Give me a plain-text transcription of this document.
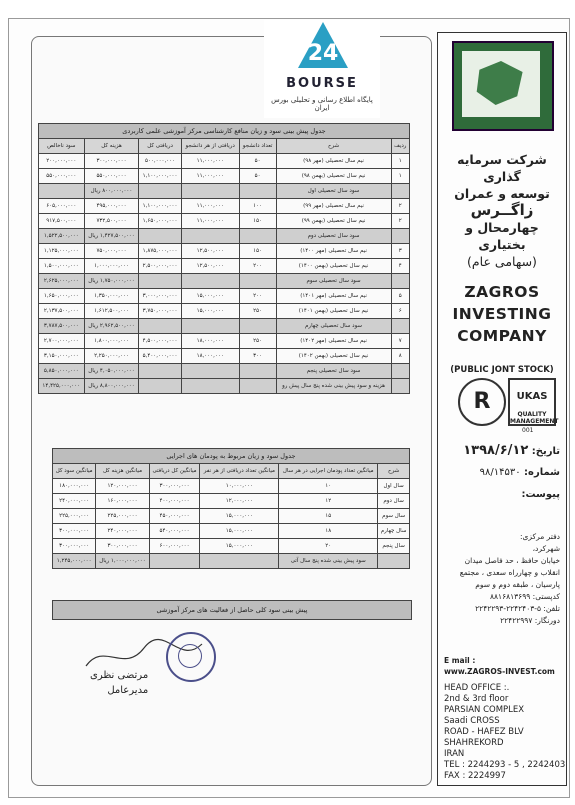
24
BOURSE
پایگاه اطلاع رسانی و تحلیلی بورس ایران
جدول پیش بینی سود و زیان منافع کارشناسی مرکز آموزشی علمی کاربردی						
ردیف	شرح	تعداد دانشجو	دریافتی از هر دانشجو	دریافتی کل	هزینه کل	سود ناخالص
۱	نیم سال تحصیلی (مهر ۹۸)	۵۰	۱۱,۰۰۰,۰۰۰	۵۰۰,۰۰۰,۰۰۰	۳۰۰,۰۰۰,۰۰۰	۲۰۰,۰۰۰,۰۰۰
۱	نیم سال تحصیلی (بهمن ۹۸)	۵۰	۱۱,۰۰۰,۰۰۰	۱,۱۰۰,۰۰۰,۰۰۰	۵۵۰,۰۰۰,۰۰۰	۵۵۰,۰۰۰,۰۰۰
	سود سال تحصیلی اول				۸۰۰,۰۰۰,۰۰۰ ریال	
۲	نیم سال تحصیلی (مهر ۹۹)	۱۰۰	۱۱,۰۰۰,۰۰۰	۱,۱۰۰,۰۰۰,۰۰۰	۴۹۵,۰۰۰,۰۰۰	۶۰۵,۰۰۰,۰۰۰
۲	نیم سال تحصیلی (بهمن ۹۹)	۱۵۰	۱۱,۰۰۰,۰۰۰	۱,۶۵۰,۰۰۰,۰۰۰	۷۳۲,۵۰۰,۰۰۰	۹۱۷,۵۰۰,۰۰۰
	سود سال تحصیلی دوم				۱,۴۲۷,۵۰۰,۰۰۰ ریال	۱,۵۲۲,۵۰۰,۰۰۰
۳	نیم سال تحصیلی (مهر ۱۴۰۰)	۱۵۰	۱۲,۵۰۰,۰۰۰	۱,۸۷۵,۰۰۰,۰۰۰	۷۵۰,۰۰۰,۰۰۰	۱,۱۲۵,۰۰۰,۰۰۰
۴	نیم سال تحصیلی (بهمن ۱۴۰۰)	۲۰۰	۱۲,۵۰۰,۰۰۰	۲,۵۰۰,۰۰۰,۰۰۰	۱,۰۰۰,۰۰۰,۰۰۰	۱,۵۰۰,۰۰۰,۰۰۰
	سود سال تحصیلی سوم				۱,۷۵۰,۰۰۰,۰۰۰ ریال	۲,۶۲۵,۰۰۰,۰۰۰
۵	نیم سال تحصیلی (مهر ۱۴۰۱)	۲۰۰	۱۵,۰۰۰,۰۰۰	۳,۰۰۰,۰۰۰,۰۰۰	۱,۳۵۰,۰۰۰,۰۰۰	۱,۶۵۰,۰۰۰,۰۰۰
۶	نیم سال تحصیلی (بهمن ۱۴۰۱)	۲۵۰	۱۵,۰۰۰,۰۰۰	۳,۷۵۰,۰۰۰,۰۰۰	۱,۶۱۲,۵۰۰,۰۰۰	۲,۱۳۷,۵۰۰,۰۰۰
	سود سال تحصیلی چهارم				۲,۹۶۲,۵۰۰,۰۰۰ ریال	۳,۷۸۷,۵۰۰,۰۰۰
۷	نیم سال تحصیلی (مهر ۱۴۰۲)	۲۵۰	۱۸,۰۰۰,۰۰۰	۴,۵۰۰,۰۰۰,۰۰۰	۱,۸۰۰,۰۰۰,۰۰۰	۲,۷۰۰,۰۰۰,۰۰۰
۸	نیم سال تحصیلی (بهمن ۱۴۰۲)	۳۰۰	۱۸,۰۰۰,۰۰۰	۵,۴۰۰,۰۰۰,۰۰۰	۲,۲۵۰,۰۰۰,۰۰۰	۳,۱۵۰,۰۰۰,۰۰۰
	سود سال تحصیلی پنجم				۴,۰۵۰,۰۰۰,۰۰۰ ریال	۵,۸۵۰,۰۰۰,۰۰۰
	هزینه و سود پیش بینی شده پنج سال پیش رو				۸,۸۰۰,۰۰۰,۰۰۰ ریال	۱۴,۴۲۵,۰۰۰,۰۰۰
جدول سود و زیان مربوط به پودمان های اجرایی					
شرح	میانگین تعداد پودمان اجرایی در هر سال	میانگین تعداد دریافتی از هر نفر	میانگین کل دریافتی	میانگین هزینه کل	میانگین سود کل
سال اول	۱۰	۱۰,۰۰۰,۰۰۰	۳۰۰,۰۰۰,۰۰۰	۱۲۰,۰۰۰,۰۰۰	۱۸۰,۰۰۰,۰۰۰
سال دوم	۱۲	۱۲,۰۰۰,۰۰۰	۴۰۰,۰۰۰,۰۰۰	۱۶۰,۰۰۰,۰۰۰	۲۴۰,۰۰۰,۰۰۰
سال سوم	۱۵	۱۵,۰۰۰,۰۰۰	۴۵۰,۰۰۰,۰۰۰	۲۲۵,۰۰۰,۰۰۰	۲۲۵,۰۰۰,۰۰۰
سال چهارم	۱۸	۱۵,۰۰۰,۰۰۰	۵۴۰,۰۰۰,۰۰۰	۲۴۰,۰۰۰,۰۰۰	۳۰۰,۰۰۰,۰۰۰
سال پنجم	۲۰	۱۵,۰۰۰,۰۰۰	۶۰۰,۰۰۰,۰۰۰	۳۰۰,۰۰۰,۰۰۰	۳۰۰,۰۰۰,۰۰۰
	سود پیش بینی شده پنج سال آتی			۱,۰۰۰,۰۰۰,۰۰۰ ریال	۱,۲۴۵,۰۰۰,۰۰۰
پیش بینی سود کلی حاصل از فعالیت های مرکز آموزشی
مرتضی نظری
مدیرعامل
شرکت سرمایه گذاری
توسعه و عمران
زاگــرس
چهارمحال و بختیاری
(سهامی عام)
ZAGROS
INVESTING
COMPANY
(PUBLIC JONT STOCK)
R	UKAS
QUALITY MANAGEMENT
001
تاریخ: ۱۳۹۸/۶/۱۲
شماره: ۹۸/۱۴۵۳۰
پیوست:
دفتر مرکزی:
شهرکرد،
خیابان حافظ ، حد فاصل میدان
انقلاب و چهارراه سعدی ، مجتمع
پارسیان ، طبقه دوم و سوم
کدپستی: ۸۸۱۶۸۱۳۶۹۹
تلفن: ۵-۲۲۴۲۴۰۳-۲۲۴۲۲۹۳
دورنگار: ۲۲۴۲۲۹۹۷
E mail :
www.ZAGROS-INVEST.com
HEAD OFFICE :.
2nd & 3rd floor
PARSIAN COMPLEX
Saadi CROSS
ROAD - HAFEZ BLV
SHAHREKORD
IRAN
TEL : 2244293 - 5 , 2242403
FAX : 2224997
